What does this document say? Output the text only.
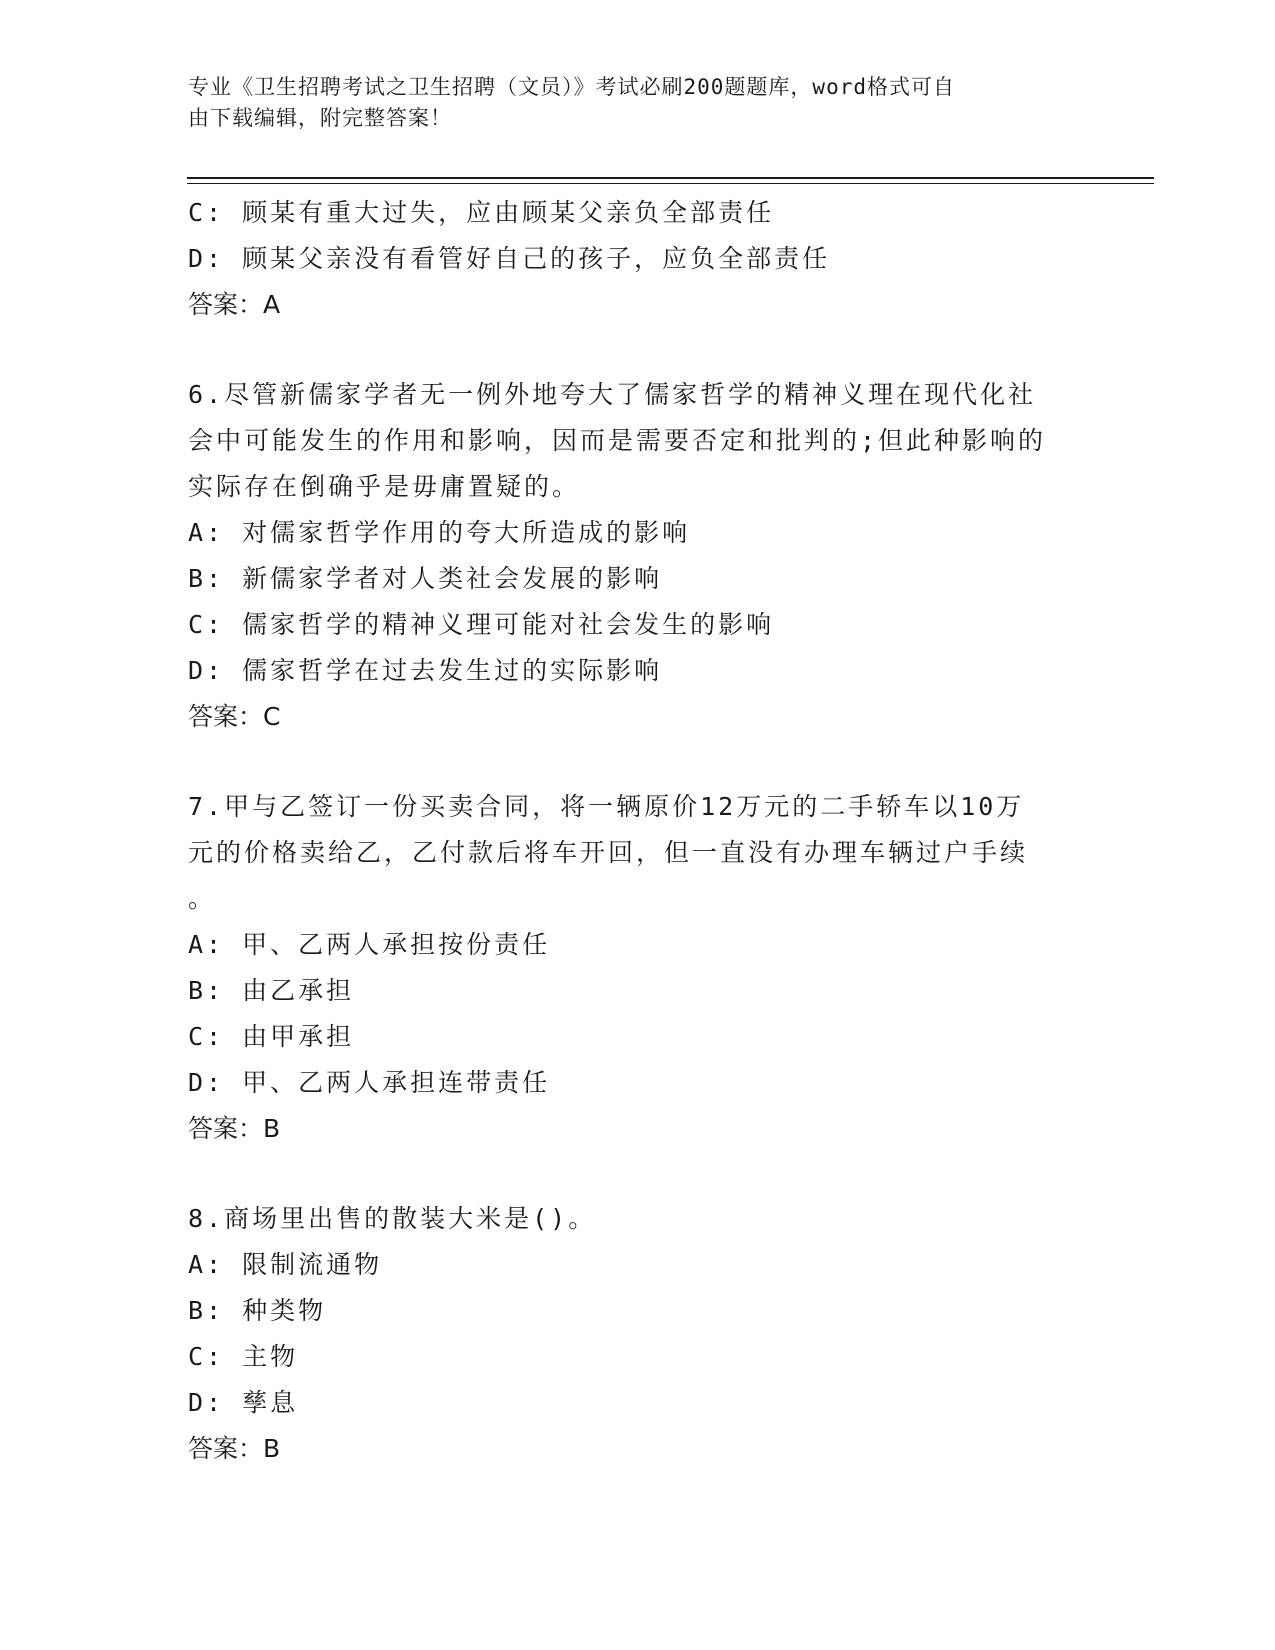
专业《卫生招聘考试之卫生招聘（文员）》考试必刷200题题库，word格式可自
由下载编辑，附完整答案！
C: 顾某有重大过失，应由顾某父亲负全部责任
D: 顾某父亲没有看管好自己的孩子，应负全部责任
答案：A
6.尽管新儒家学者无一例外地夸大了儒家哲学的精神义理在现代化社
会中可能发生的作用和影响，因而是需要否定和批判的;但此种影响的
实际存在倒确乎是毋庸置疑的。
A: 对儒家哲学作用的夸大所造成的影响
B: 新儒家学者对人类社会发展的影响
C: 儒家哲学的精神义理可能对社会发生的影响
D: 儒家哲学在过去发生过的实际影响
答案：C
7.甲与乙签订一份买卖合同，将一辆原价12万元的二手轿车以10万
元的价格卖给乙，乙付款后将车开回，但一直没有办理车辆过户手续
。
A: 甲、乙两人承担按份责任
B: 由乙承担
C: 由甲承担
D: 甲、乙两人承担连带责任
答案：B
8.商场里出售的散装大米是()。
A: 限制流通物
B: 种类物
C: 主物
D: 孳息
答案：B
